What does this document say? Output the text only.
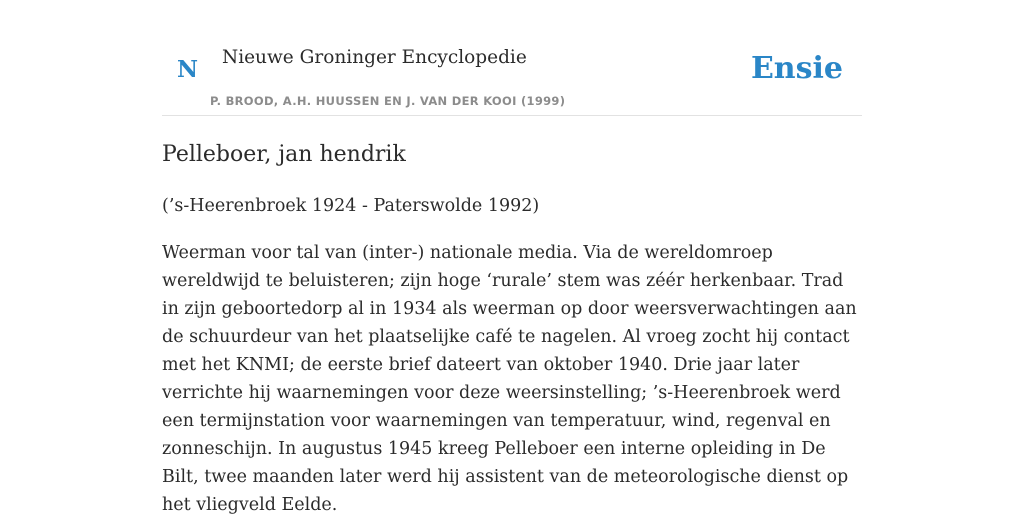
N Nieuwe Groninger Encyclopedie
P. BROOD, A.H. HUUSSEN EN J. VAN DER KOOI (1999)
Ensie
Pelleboer, jan hendrik
(’s-Heerenbroek 1924 - Paterswolde 1992)

Weerman voor tal van (inter-) nationale media. Via de wereldomroep wereldwijd te beluisteren; zijn hoge ‘rurale’ stem was zéér herkenbaar. Trad in zijn geboortedorp al in 1934 als weerman op door weersverwachtingen aan de schuurdeur van het plaatselijke café te nagelen. Al vroeg zocht hij contact met het KNMI; de eerste brief dateert van oktober 1940. Drie jaar later verrichte hij waarnemingen voor deze weersinstelling; ’s-Heerenbroek werd een termijnstation voor waarnemingen van temperatuur, wind, regenval en zonneschijn. In augustus 1945 kreeg Pelleboer een interne opleiding in De Bilt, twee maanden later werd hij assistent van de meteorologische dienst op het vliegveld Eelde.
